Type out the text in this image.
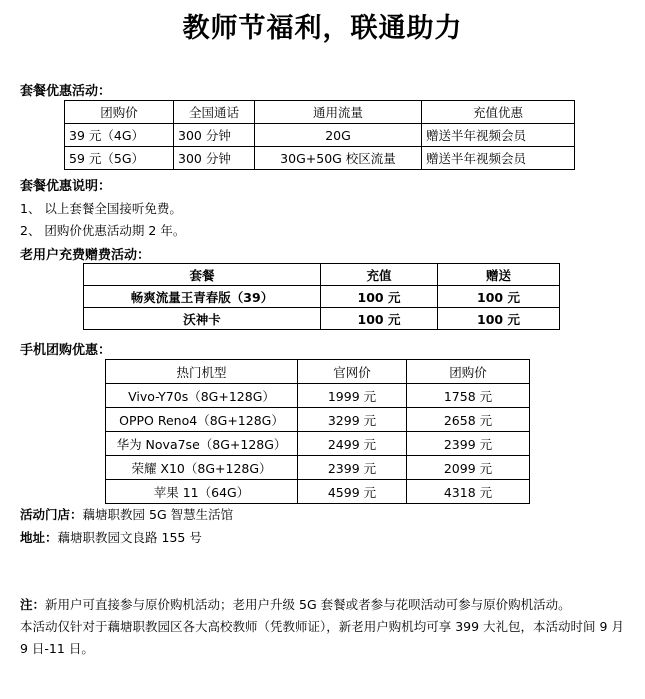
教师节福利，联通助力
套餐优惠活动：
团购价	全国通话	通用流量	充值优惠
39 元（4G）	300 分钟	20G	赠送半年视频会员
59 元（5G）	300 分钟	30G+50G 校区流量	赠送半年视频会员
套餐优惠说明：
1、 以上套餐全国接听免费。
2、 团购价优惠活动期 2 年。
老用户充费赠费活动：
套餐	充值	赠送
畅爽流量王青春版（39）	100 元	100 元
沃神卡	100 元	100 元
手机团购优惠：
热门机型	官网价	团购价
Vivo-Y70s（8G+128G）	1999 元	1758 元
OPPO Reno4（8G+128G）	3299 元	2658 元
华为 Nova7se（8G+128G）	2499 元	2399 元
荣耀 X10（8G+128G）	2399 元	2099 元
苹果 11（64G）	4599 元	4318 元
活动门店：藕塘职教园 5G 智慧生活馆
地址：藕塘职教园文良路 155 号
注：新用户可直接参与原价购机活动；老用户升级 5G 套餐或者参与花呗活动可参与原价购机活动。
本活动仅针对于藕塘职教园区各大高校教师（凭教师证），新老用户购机均可享 399 大礼包，本活动时间 9 月 9 日-11 日。
